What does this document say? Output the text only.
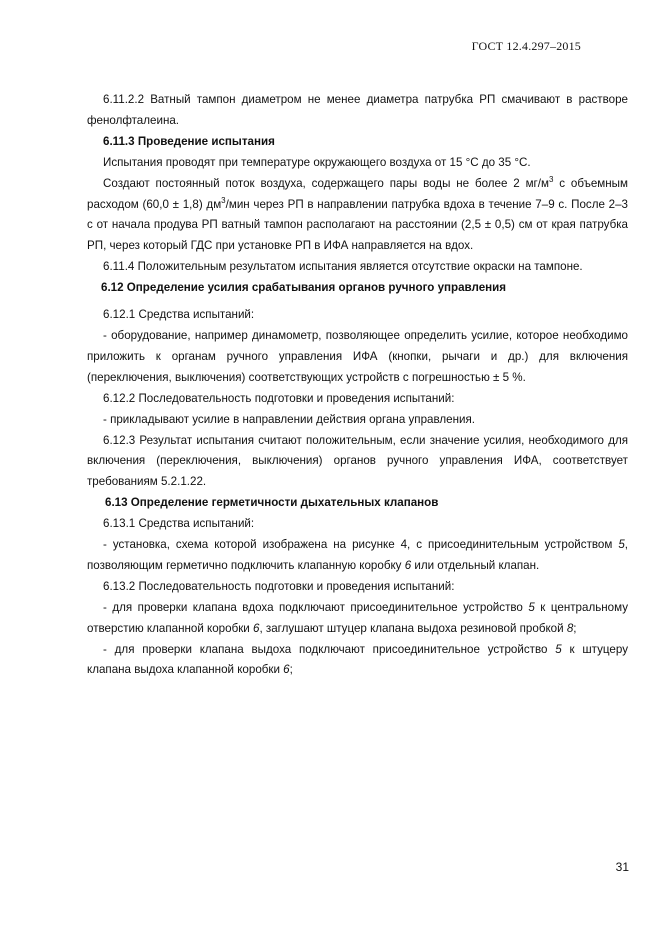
ГОСТ 12.4.297–2015

6.11.2.2 Ватный тампон диаметром не менее диаметра патрубка РП смачивают в растворе фенолфталеина.

6.11.3 Проведение испытания

Испытания проводят при температуре окружающего воздуха от 15 °С до 35 °С.

Создают постоянный поток воздуха, содержащего пары воды не более 2 $мг/м^3$ с объемным расходом (60,0 ± 1,8) $дм^3$/мин через РП в направлении патрубка вдоха в течение 7–9 с. После 2–3 с от начала продува РП ватный тампон располагают на расстоянии (2,5 ± 0,5) см от края патрубка РП, через который ГДС при установке РП в ИФА направляется на вдох.

6.11.4 Положительным результатом испытания является отсутствие окраски на тампоне.

6.12 Определение усилия срабатывания органов ручного управления

6.12.1 Средства испытаний:

- оборудование, например динамометр, позволяющее определить усилие, которое необходимо приложить к органам ручного управления ИФА (кнопки, рычаги и др.) для включения (переключения, выключения) соответствующих устройств с погрешностью ± 5 %.

6.12.2 Последовательность подготовки и проведения испытаний:

- прикладывают усилие в направлении действия органа управления.

6.12.3 Результат испытания считают положительным, если значение усилия, необходимого для включения (переключения, выключения) органов ручного управления ИФА, соответствует требованиям 5.2.1.22.

6.13 Определение герметичности дыхательных клапанов

6.13.1 Средства испытаний:

- установка, схема которой изображена на рисунке 4, с присоединительным устройством 5, позволяющим герметично подключить клапанную коробку 6 или отдельный клапан.

6.13.2 Последовательность подготовки и проведения испытаний:

- для проверки клапана вдоха подключают присоединительное устройство 5 к центральному отверстию клапанной коробки 6, заглушают штуцер клапана выдоха резиновой пробкой 8;

- для проверки клапана выдоха подключают присоединительное устройство 5 к штуцеру клапана выдоха клапанной коробки 6;

31
